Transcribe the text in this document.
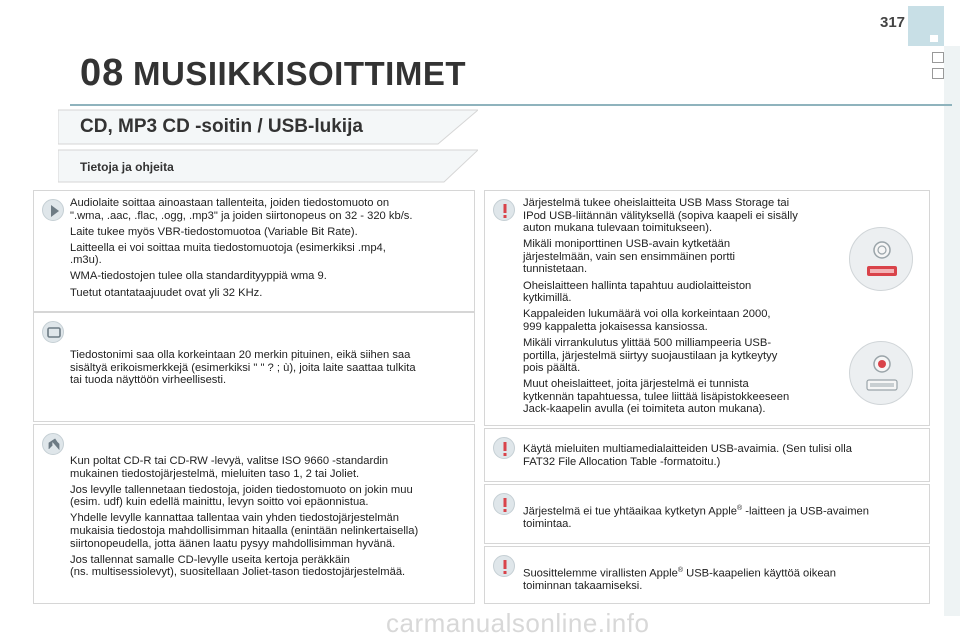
317
08 MUSIIKKISOITTIMET
CD, MP3 CD -soitin / USB-lukija
Tietoja ja ohjeita

Audiolaite soittaa ainoastaan tallenteita, joiden tiedostomuoto on
".wma, .aac, .flac, .ogg, .mp3" ja joiden siirtonopeus on 32 - 320 kb/s.

Laite tukee myös VBR-tiedostomuotoa (Variable Bit Rate).

Laitteella ei voi soittaa muita tiedostomuotoja (esimerkiksi .mp4,
.m3u).

WMA-tiedostojen tulee olla standardityyppiä wma 9.

Tuetut otantataajuudet ovat yli 32 KHz.

Tiedostonimi saa olla korkeintaan 20 merkin pituinen, eikä siihen saa
sisältyä erikoismerkkejä (esimerkiksi " " ? ; ù), joita laite saattaa tulkita
tai tuoda näyttöön virheellisesti.

Kun poltat CD-R tai CD-RW -levyä, valitse ISO 9660 -standardin
mukainen tiedostojärjestelmä, mieluiten taso 1, 2 tai Joliet.

Jos levylle tallennetaan tiedostoja, joiden tiedostomuoto on jokin muu
(esim. udf) kuin edellä mainittu, levyn soitto voi epäonnistua.

Yhdelle levylle kannattaa tallentaa vain yhden tiedostojärjestelmän
mukaisia tiedostoja mahdollisimman hitaalla (enintään nelinkertaisella)
siirtonopeudella, jotta äänen laatu pysyy mahdollisimman hyvänä.

Jos tallennat samalle CD-levylle useita kertoja peräkkäin
(ns. multisessiolevyt), suositellaan Joliet-tason tiedostojärjestelmää.

Järjestelmä tukee oheislaitteita USB Mass Storage tai
IPod USB-liitännän välityksellä (sopiva kaapeli ei sisälly
auton mukana tulevaan toimitukseen).

Mikäli moniporttinen USB-avain kytketään
järjestelmään, vain sen ensimmäinen portti
tunnistetaan.

Oheislaitteen hallinta tapahtuu audiolaitteiston
kytkimillä.

Kappaleiden lukumäärä voi olla korkeintaan 2000,
999 kappaletta jokaisessa kansiossa.

Mikäli virrankulutus ylittää 500 milliampeeria USB-
portilla, järjestelmä siirtyy suojaustilaan ja kytkeytyy
pois päältä.

Muut oheislaitteet, joita järjestelmä ei tunnista
kytkennän tapahtuessa, tulee liittää lisäpistokkeeseen
Jack-kaapelin avulla (ei toimiteta auton mukana).

Käytä mieluiten multiamedialaitteiden USB-avaimia. (Sen tulisi olla
FAT32 File Allocation Table -formatoitu.)

Järjestelmä ei tue yhtäaikaa kytketyn Apple® -laitteen ja USB-avaimen
toimintaa.

Suosittelemme virallisten Apple® USB-kaapelien käyttöä oikean
toiminnan takaamiseksi.

carmanualsonline.info
